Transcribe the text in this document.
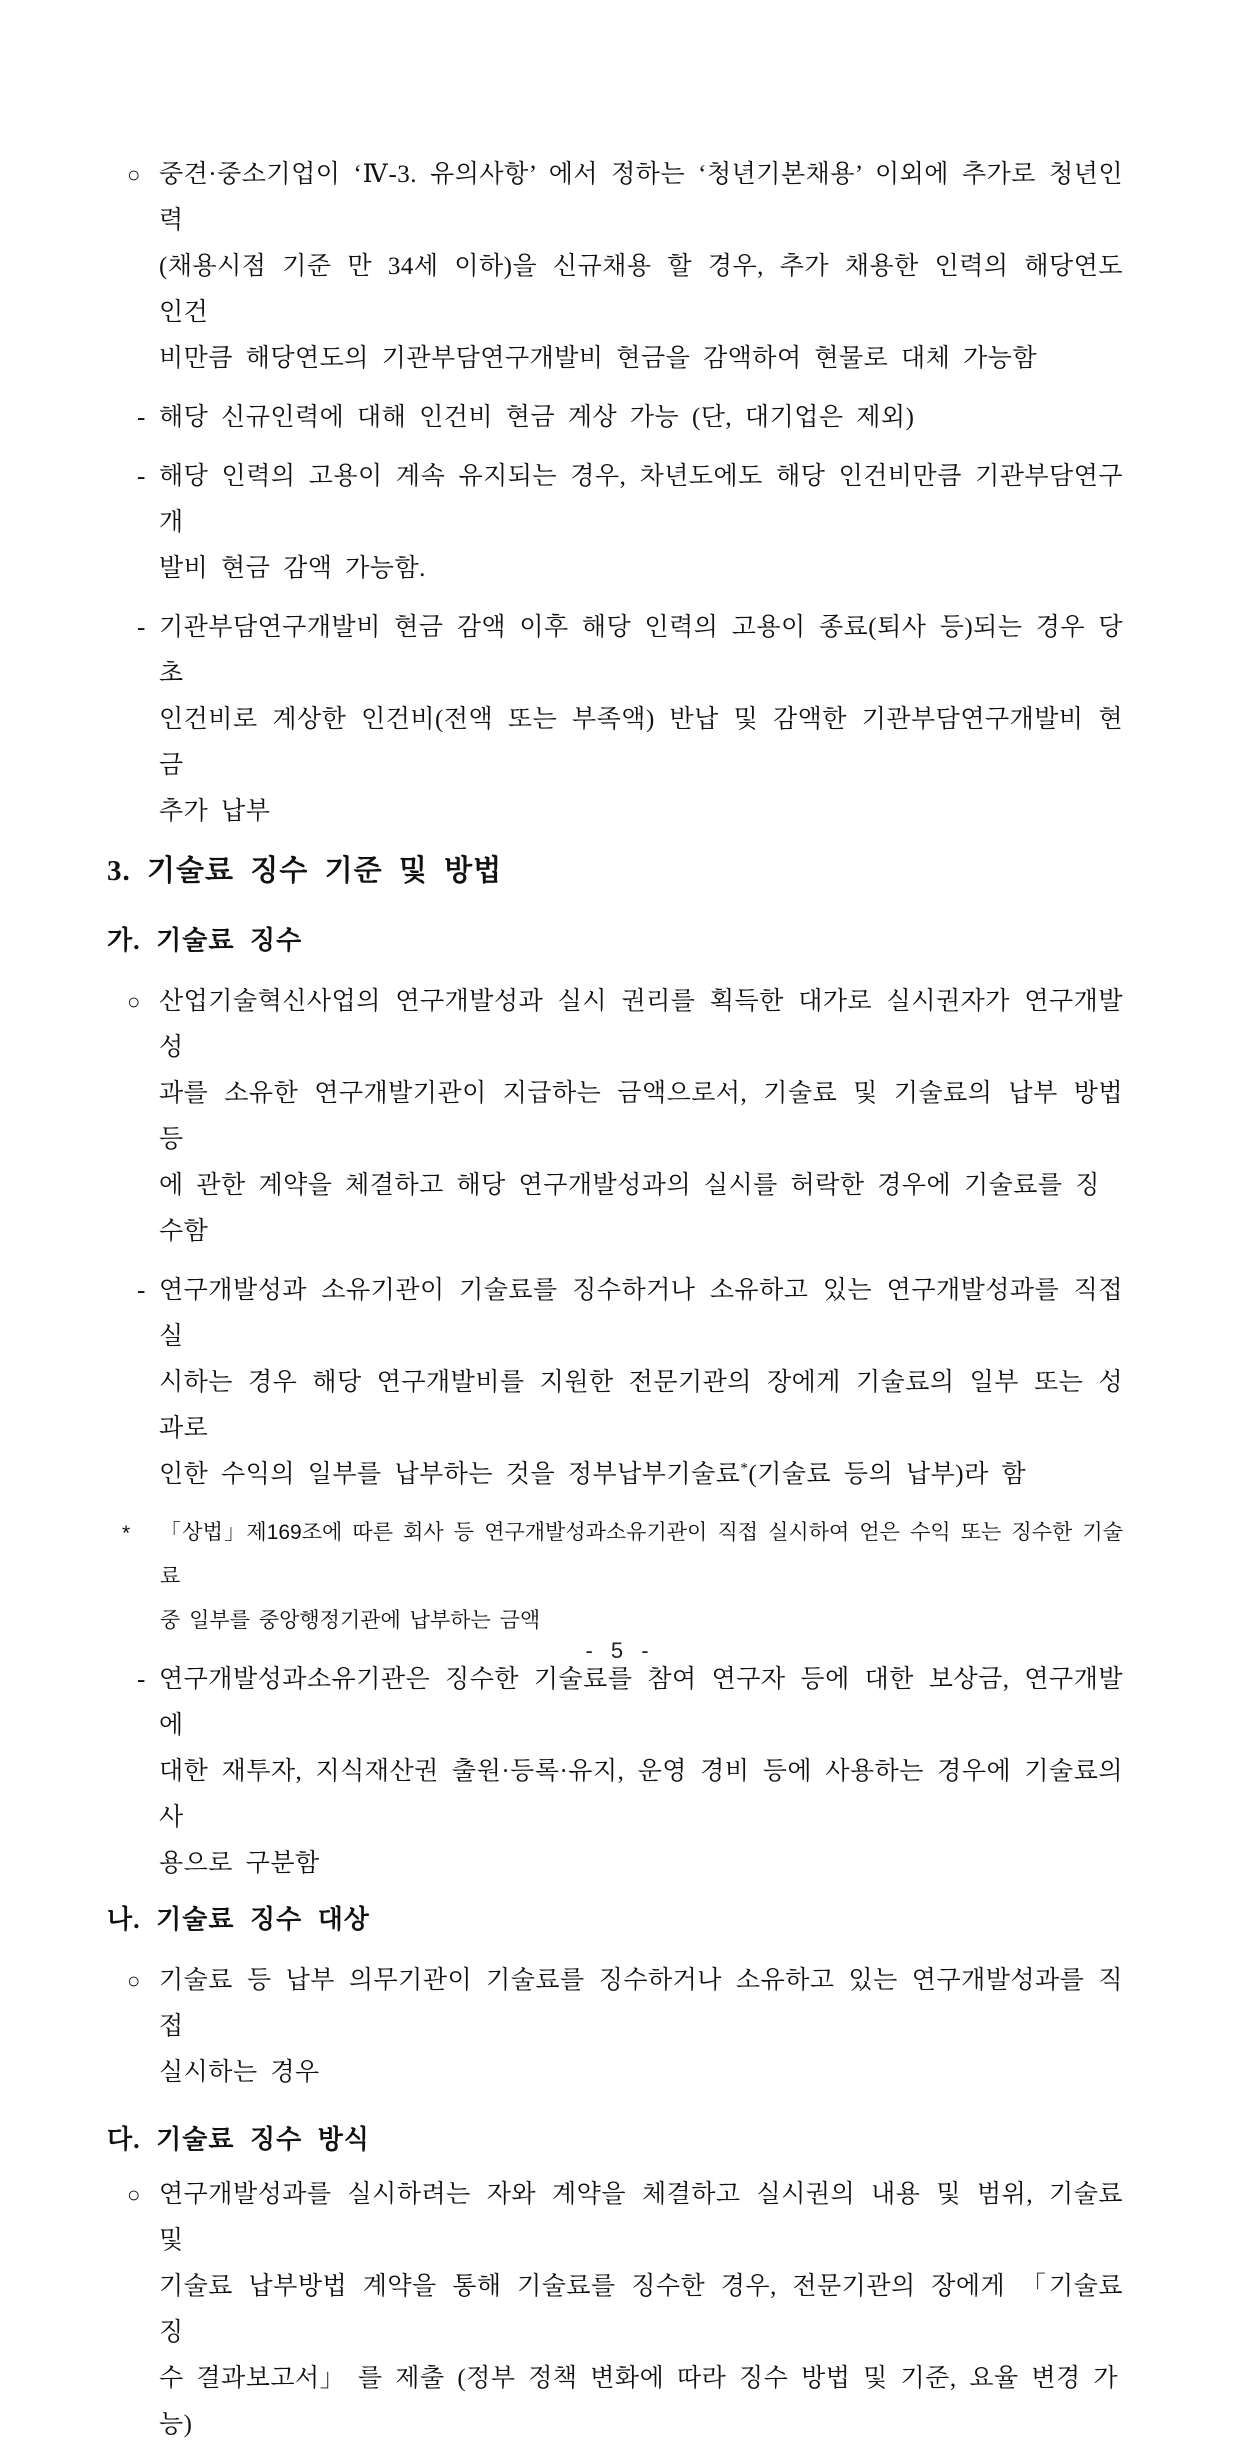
○ 중견·중소기업이 ‘Ⅳ-3. 유의사항’ 에서 정하는 ‘청년기본채용’ 이외에 추가로 청년인력
(채용시점 기준 만 34세 이하)을 신규채용 할 경우, 추가 채용한 인력의 해당연도 인건
비만큼 해당연도의 기관부담연구개발비 현금을 감액하여 현물로 대체 가능함
- 해당 신규인력에 대해 인건비 현금 계상 가능 (단, 대기업은 제외)
- 해당 인력의 고용이 계속 유지되는 경우, 차년도에도 해당 인건비만큼 기관부담연구개
발비 현금 감액 가능함.
- 기관부담연구개발비 현금 감액 이후 해당 인력의 고용이 종료(퇴사 등)되는 경우 당초
인건비로 계상한 인건비(전액 또는 부족액) 반납 및 감액한 기관부담연구개발비 현금
추가 납부
3. 기술료 징수 기준 및 방법
가. 기술료 징수
○ 산업기술혁신사업의 연구개발성과 실시 권리를 획득한 대가로 실시권자가 연구개발성
과를 소유한 연구개발기관이 지급하는 금액으로서, 기술료 및 기술료의 납부 방법 등
에 관한 계약을 체결하고 해당 연구개발성과의 실시를 허락한 경우에 기술료를 징수함
- 연구개발성과 소유기관이 기술료를 징수하거나 소유하고 있는 연구개발성과를 직접 실
시하는 경우 해당 연구개발비를 지원한 전문기관의 장에게 기술료의 일부 또는 성과로
인한 수익의 일부를 납부하는 것을 정부납부기술료*(기술료 등의 납부)라 함
* 「상법」제169조에 따른 회사 등 연구개발성과소유기관이 직접 실시하여 얻은 수익 또는 징수한 기술료
중 일부를 중앙행정기관에 납부하는 금액
- 연구개발성과소유기관은 징수한 기술료를 참여 연구자 등에 대한 보상금, 연구개발에
대한 재투자, 지식재산권 출원·등록·유지, 운영 경비 등에 사용하는 경우에 기술료의 사
용으로 구분함
나. 기술료 징수 대상
○ 기술료 등 납부 의무기관이 기술료를 징수하거나 소유하고 있는 연구개발성과를 직접
실시하는 경우
다. 기술료 징수 방식
○ 연구개발성과를 실시하려는 자와 계약을 체결하고 실시권의 내용 및 범위, 기술료 및
기술료 납부방법 계약을 통해 기술료를 징수한 경우, 전문기관의 장에게 「기술료 징
수 결과보고서」 를 제출 (정부 정책 변화에 따라 징수 방법 및 기준, 요율 변경 가능)
- 5 -
